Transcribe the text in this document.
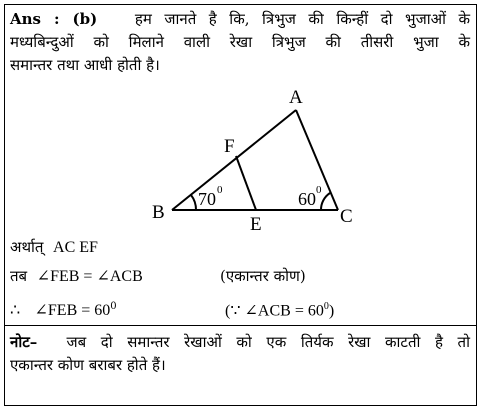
Ans : (b)	हम जानते है कि, त्रिभुज की किन्हीं दो भुजाओं के
मध्यबिन्दुओं को मिलाने वाली रेखा त्रिभुज की तीसरी भुजा के
समान्तर तथा आधी होती है।
A
F
B
E	C
70 0	60 0
अर्थात् AC EF
तब ∠FEB = ∠ACB	(एकान्तर कोण)
∴ ∠FEB = $60^0$	(∵ ∠ACB = $60^0$)
नोट– जब दो समान्तर रेखाओं को एक तिर्यक रेखा काटती है तो
एकान्तर कोण बराबर होते हैं।
